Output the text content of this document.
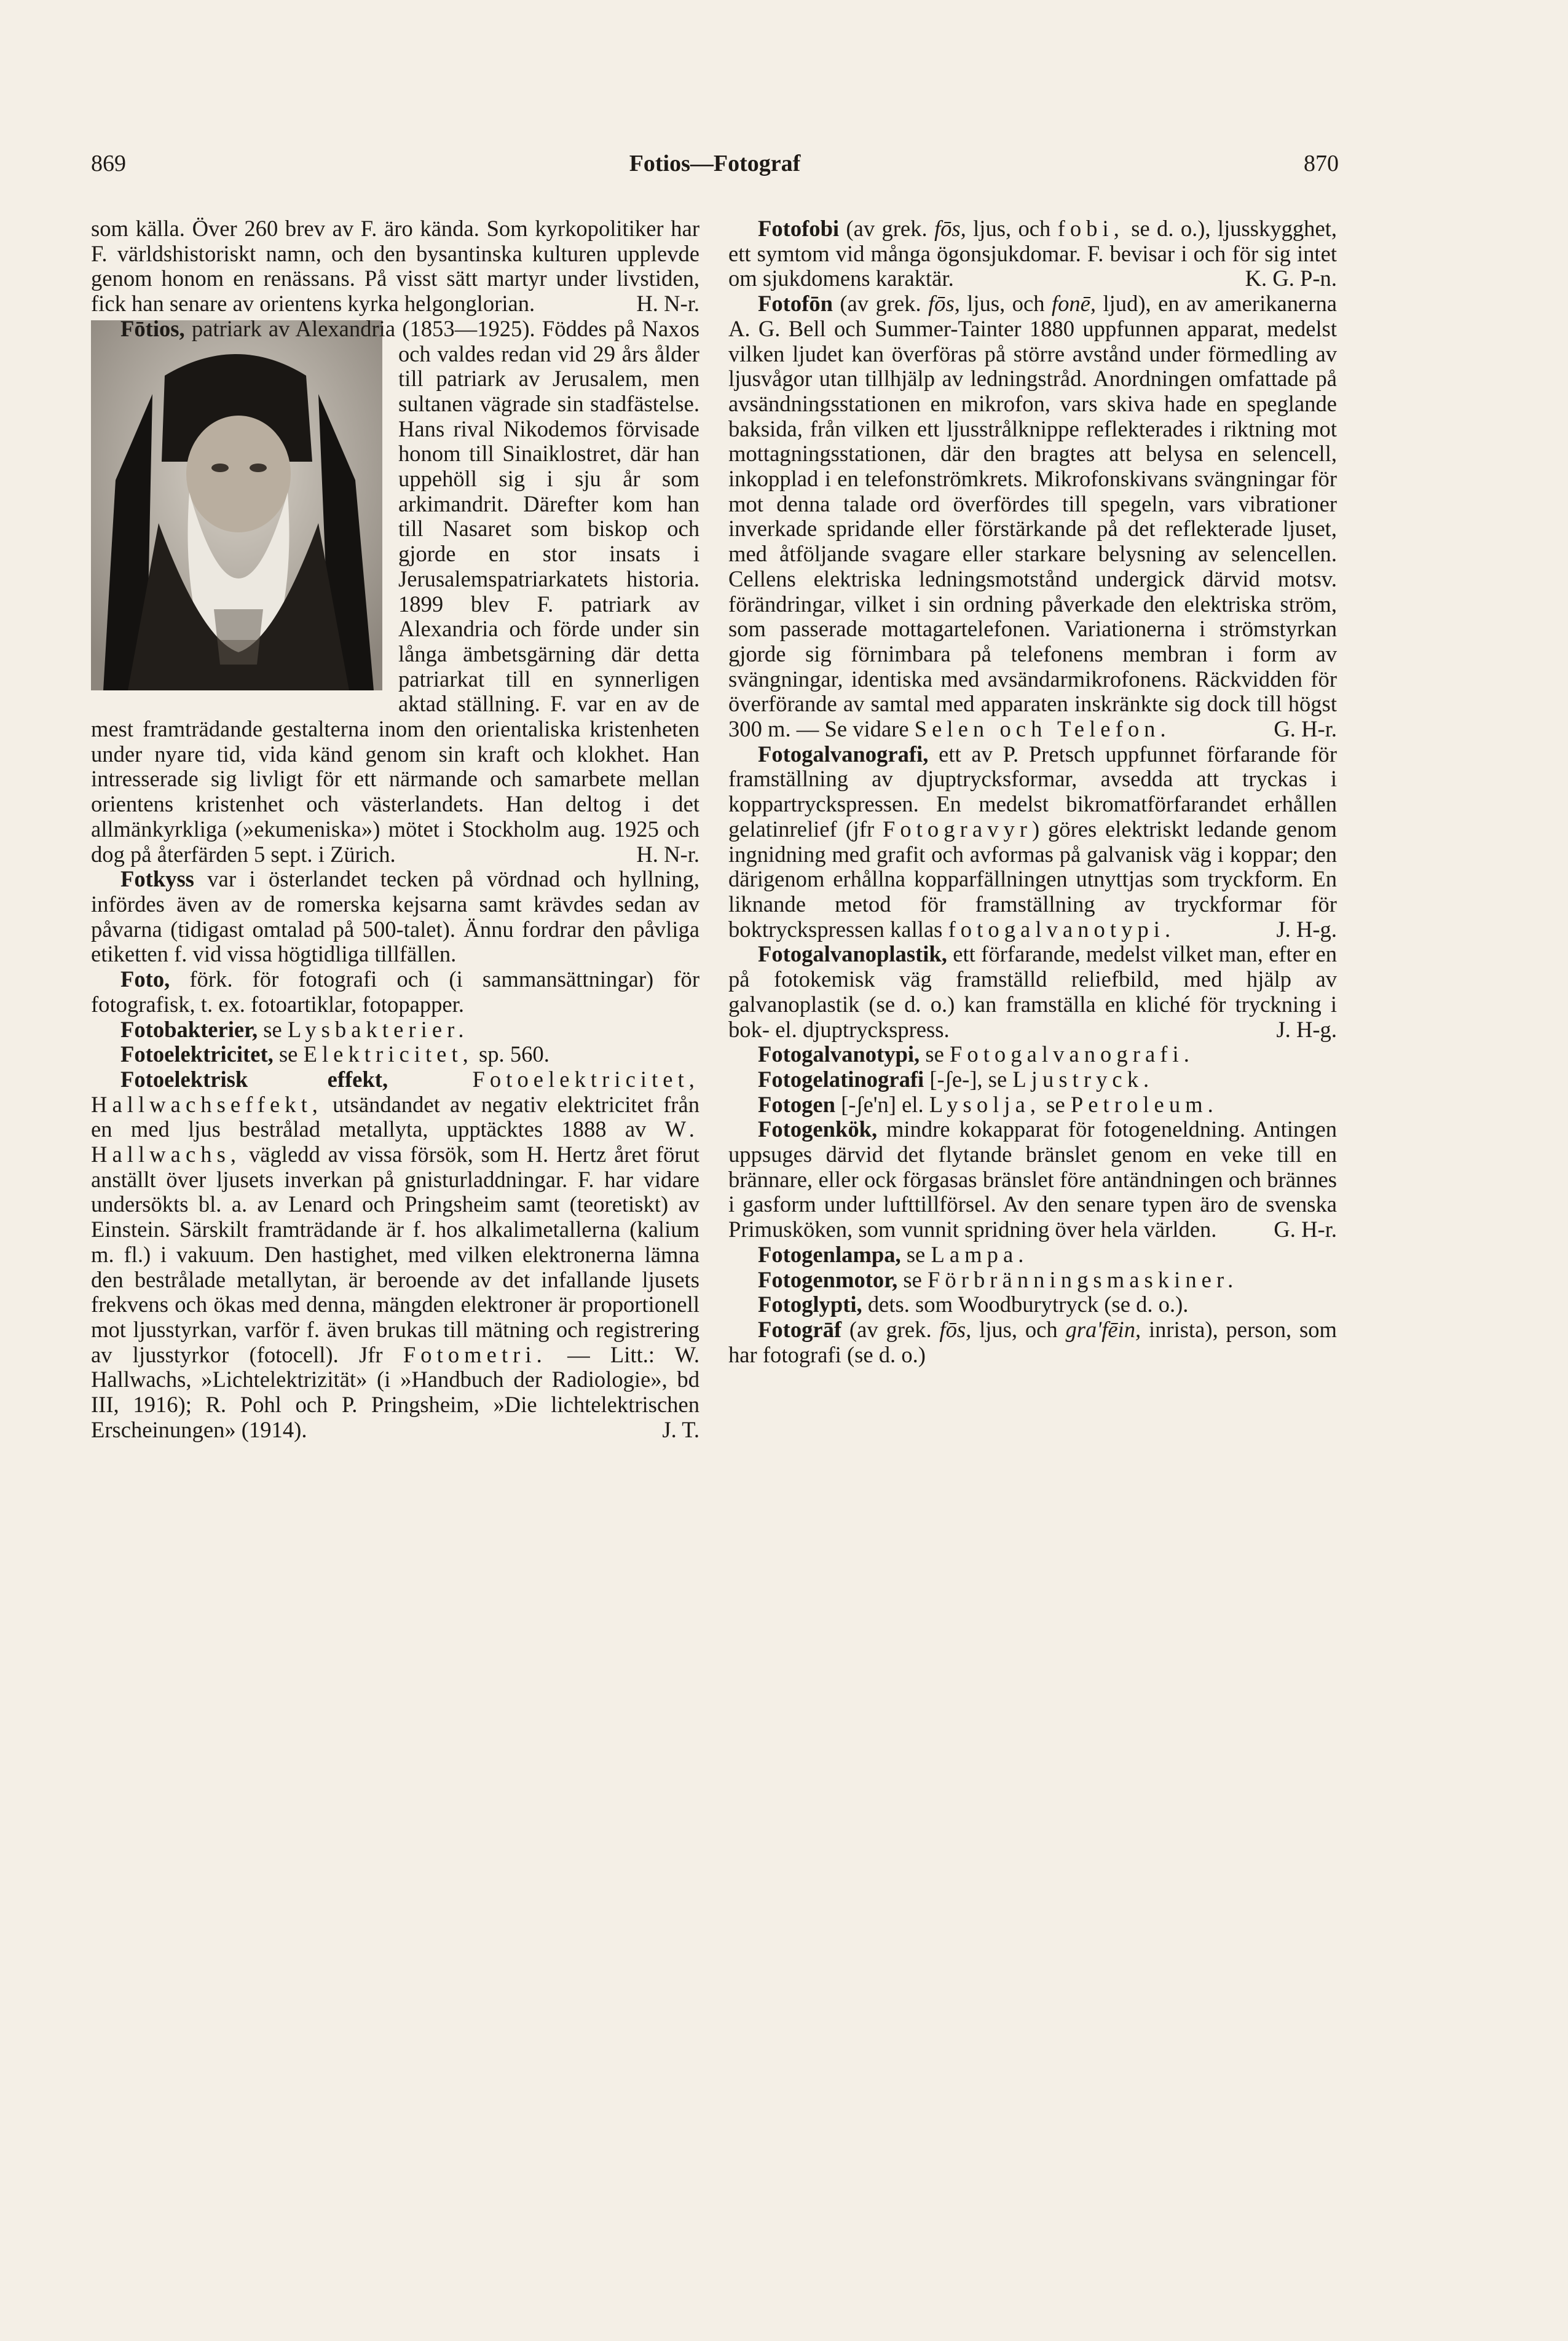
869	Fotios—Fotograf	870

som källa. Över 260 brev av F. äro kända. Som kyrkopolitiker har F. världshistoriskt namn, och den bysantinska kulturen upplevde genom honom en renässans. På visst sätt martyr under livstiden, fick han senare av orientens kyrka helgonglorian.	H. N-r.

Fōtios,
patriark av Alexandria (1853—1925). Föddes på Naxos och valdes redan vid 29 års ålder till patriark av Jerusalem, men sultanen vägrade sin stadfästelse. Hans rival Nikodemos förvisade honom till Sinaiklostret, där han uppehöll sig i sju år som arkimandrit. Därefter kom han till Nasaret som biskop och gjorde en stor insats i Jerusalemspatriarkatets historia. 1899 blev F. patriark av Alexandria och förde under sin långa ämbetsgärning där detta patriarkat till en synnerligen aktad ställning. F. var en av de mest framträdande gestalterna inom den orientaliska kristenheten under nyare tid, vida känd genom sin kraft och klokhet. Han intresserade sig livligt för ett närmande och samarbete mellan orientens kristenhet och västerlandets. Han deltog i det allmänkyrkliga (»ekumeniska») mötet i Stockholm aug. 1925 och dog på återfärden 5 sept. i Zürich.	H. N-r.

Fotkyss var i österlandet tecken på vördnad och hyllning, infördes även av de romerska kejsarna samt krävdes sedan av påvarna (tidigast omtalad på 500-talet). Ännu fordrar den påvliga etiketten f. vid vissa högtidliga tillfällen.

Foto, förk. för fotografi och (i sammansättningar) för fotografisk, t. ex. fotoartiklar, fotopapper.

Fotobakterier, se Lysbakterier.

Fotoelektricitet, se Elektricitet, sp. 560.

Fotoelektrisk effekt, Fotoelektricitet, Hallwachseffekt, utsändandet av negativ elektricitet från en med ljus bestrålad metallyta, upptäcktes 1888 av W. Hallwachs, vägledd av vissa försök, som H. Hertz året förut anställt över ljusets inverkan på gnisturladdningar. F. har vidare undersökts bl. a. av Lenard och Pringsheim samt (teoretiskt) av Einstein. Särskilt framträdande är f. hos alkalimetallerna (kalium m. fl.) i vakuum. Den hastighet, med vilken elektronerna lämna den bestrålade metallytan, är beroende av det infallande ljusets frekvens och ökas med denna, mängden elektroner är proportionell mot ljusstyrkan, varför f. även brukas till mätning och registrering av ljusstyrkor (fotocell). Jfr Fotometri. — Litt.: W. Hallwachs, »Lichtelektrizität» (i »Handbuch der Radiologie», bd III, 1916); R. Pohl och P. Pringsheim, »Die lichtelektrischen Erscheinungen» (1914).	J. T.

Fotofobi (av grek. fōs, ljus, och fobi, se d. o.), ljusskygghet, ett symtom vid många ögonsjukdomar. F. bevisar i och för sig intet om sjukdomens karaktär.	K. G. P-n.

Fotofōn (av grek. fōs, ljus, och fonē, ljud), en av amerikanerna A. G. Bell och Summer-Tainter 1880 uppfunnen apparat, medelst vilken ljudet kan överföras på större avstånd under förmedling av ljusvågor utan tillhjälp av ledningstråd. Anordningen omfattade på avsändningsstationen en mikrofon, vars skiva hade en speglande baksida, från vilken ett ljusstrålknippe reflekterades i riktning mot mottagningsstationen, där den bragtes att belysa en selencell, inkopplad i en telefonströmkrets. Mikrofonskivans svängningar för mot denna talade ord överfördes till spegeln, vars vibrationer inverkade spridande eller förstärkande på det reflekterade ljuset, med åtföljande svagare eller starkare belysning av selencellen. Cellens elektriska ledningsmotstånd undergick därvid motsv. förändringar, vilket i sin ordning påverkade den elektriska ström, som passerade mottagartelefonen. Variationerna i strömstyrkan gjorde sig förnimbara på telefonens membran i form av svängningar, identiska med avsändarmikrofonens. Räckvidden för överförande av samtal med apparaten inskränkte sig dock till högst 300 m. — Se vidare Selen och Telefon.	G. H-r.

Fotogalvanografi, ett av P. Pretsch uppfunnet förfarande för framställning av djuptrycksformar, avsedda att tryckas i koppartryckspressen. En medelst bikromatförfarandet erhållen gelatinrelief (jfr Fotogravyr) göres elektriskt ledande genom ingnidning med grafit och avformas på galvanisk väg i koppar; den därigenom erhållna kopparfällningen utnyttjas som tryckform. En liknande metod för framställning av tryckformar för boktryckspressen kallas fotogalvanotypi.	J. H-g.

Fotogalvanoplastik, ett förfarande, medelst vilket man, efter en på fotokemisk väg framställd reliefbild, med hjälp av galvanoplastik (se d. o.) kan framställa en kliché för tryckning i bok- el. djuptryckspress.	J. H-g.

Fotogalvanotypi, se Fotogalvanografi.

Fotogelatinografi [-ʃe-], se Ljustryck.

Fotogen [-ʃe'n] el. Lysolja, se Petroleum.

Fotogenkök, mindre kokapparat för fotogeneldning. Antingen uppsuges därvid det flytande bränslet genom en veke till en brännare, eller ock förgasas bränslet före antändningen och brännes i gasform under lufttillförsel. Av den senare typen äro de svenska Primusköken, som vunnit spridning över hela världen.	G. H-r.

Fotogenlampa, se Lampa.

Fotogenmotor, se Förbränningsmaskiner.

Fotoglypti, dets. som Woodburytryck (se d. o.).

Fotogrāf (av grek. fōs, ljus, och gra'fēin, inrista), person, som har fotografi (se d. o.)
